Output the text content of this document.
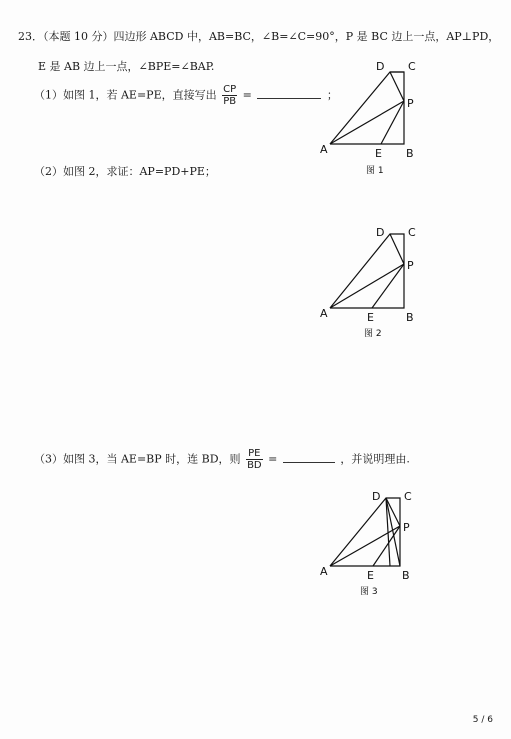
23．（本题 10 分）四边形 ABCD 中，AB=BC，∠B=∠C=90°，P 是 BC 边上一点，AP⊥PD，
E 是 AB 边上一点，∠BPE=∠BAP.
（1）如图 1，若 AE=PE，直接写出 $\frac{CP}{PB}$ =	；
（2）如图 2，求证：AP=PD+PE；
（3）如图 3，当 AE=BP 时，连 BD，则 $\frac{PE}{BD}$ =	，并说明理由.
D C
P
A	E B
图 1
D C
P
A	E	B
图 2
D C
P
A	E	B
图 3
5 / 6
